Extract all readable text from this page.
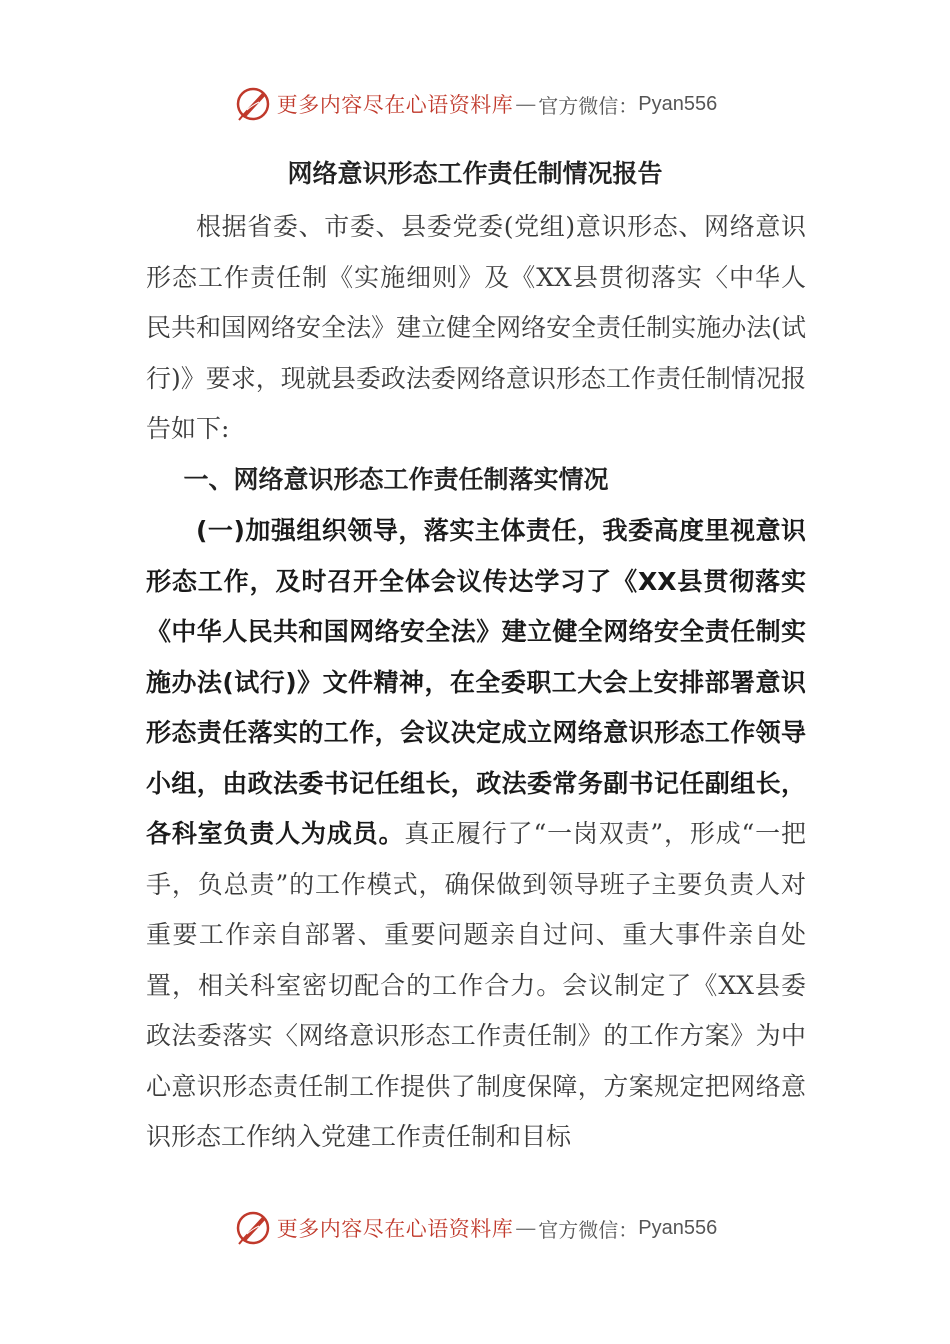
更多内容尽在心语资料库 — 官方微信： Pyan556
网络意识形态工作责任制情况报告
根据省委、市委、县委党委(党组)意识形态、网络意识形态工作责任制《实施细则》及《XX县贯彻落实〈中华人民共和国网络安全法》建立健全网络安全责任制实施办法(试行)》要求，现就县委政法委网络意识形态工作责任制情况报告如下:
一、网络意识形态工作责任制落实情况
(一)加强组织领导，落实主体责任，我委高度里视意识形态工作，及时召开全体会议传达学习了《XX县贯彻落实《中华人民共和国网络安全法》建立健全网络安全责任制实施办法(试行)》文件精神，在全委职工大会上安排部署意识形态责任落实的工作，会议决定成立网络意识形态工作领导小组，由政法委书记任组长，政法委常务副书记任副组长，各科室负责人为成员。真正履行了“一岗双责”，形成“一把手，负总责”的工作模式，确保做到领导班子主要负责人对重要工作亲自部署、重要问题亲自过问、重大事件亲自处置，相关科室密切配合的工作合力。会议制定了《XX县委政法委落实〈网络意识形态工作责任制》的工作方案》为中心意识形态责任制工作提供了制度保障，方案规定把网络意识形态工作纳入党建工作责任制和目标
更多内容尽在心语资料库 — 官方微信： Pyan556
